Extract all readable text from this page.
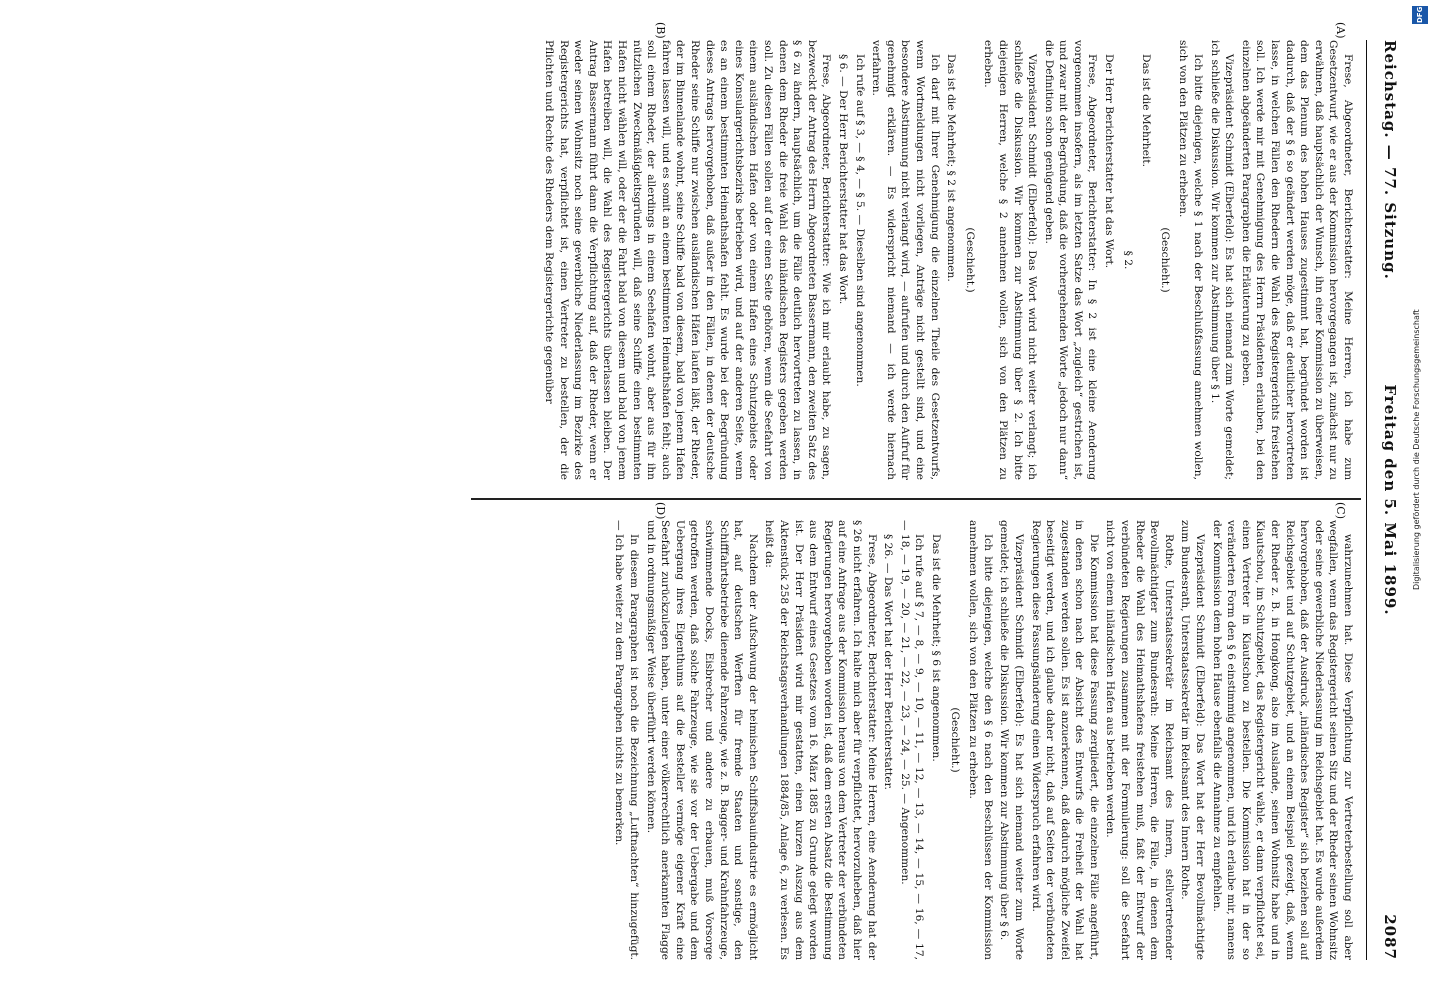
Reichstag. — 77. Sitzung.
Freitag den 5. Mai 1899.
2087

Frese, Abgeordneter, Berichterstatter: Meine Herren, ich habe zum Gesetzentwurf, wie er aus der Kommission hervorgegangen ist, zunächst nur zu erwähnen, daß hauptsächlich der Wunsch, ihn einer Kommission zu überweisen, dem das Plenum des hohen Hauses zugestimmt hat, begründet worden ist dadurch, daß der § 6 so geändert werden möge, daß er deutlicher hervortreten lasse, in welchen Fällen den Rhedern die Wahl des Registergerichts freistehen soll. Ich werde mir mit Genehmigung des Herrn Präsidenten erlauben, bei den einzelnen abgeänderten Paragraphen die Erläuterung zu geben.

Vizepräsident Schmidt (Elberfeld): Es hat sich niemand zum Worte gemeldet; ich schließe die Diskussion. Wir kommen zur Abstimmung über § 1.

Ich bitte diejenigen, welche § 1 nach der Beschlußfassung annehmen wollen, sich von den Plätzen zu erheben.

(Geschieht.)

Das ist die Mehrheit.

§ 2.

Der Herr Berichterstatter hat das Wort.

Frese, Abgeordneter, Berichterstatter: In § 2 ist eine kleine Aenderung vorgenommen insofern, als im letzten Satze das Wort „zugleich“ gestrichen ist, und zwar mit der Begründung, daß die vorhergehenden Worte „jedoch nur dann“ die Definition schon genügend geben.

Vizepräsident Schmidt (Elberfeld): Das Wort wird nicht weiter verlangt; ich schließe die Diskussion. Wir kommen zur Abstimmung über § 2. Ich bitte diejenigen Herren, welche § 2 annehmen wollen, sich von den Plätzen zu erheben.

(Geschieht.)

Das ist die Mehrheit; § 2 ist angenommen.

Ich darf mit Ihrer Genehmigung die einzelnen Theile des Gesetzentwurfs, wenn Wortmeldungen nicht vorliegen, Anträge nicht gestellt sind, und eine besondere Abstimmung nicht verlangt wird, — aufrufen und durch den Aufruf für genehmigt erklären. — Es widerspricht niemand — ich werde hiernach verfahren.

Ich rufe auf § 3, — § 4, — § 5. — Dieselben sind angenommen.

§ 6. — Der Herr Berichterstatter hat das Wort.

Frese, Abgeordneter, Berichterstatter: Wie ich mir erlaubt habe, zu sagen, bezweckt der Antrag des Herrn Abgeordneten Bassermann, den zweiten Satz des § 6 zu ändern, hauptsächlich, um die Fälle deutlich hervortreten zu lassen, in denen dem Rheder die freie Wahl des inländischen Registers gegeben werden soll. Zu diesen Fällen sollen auf der einen Seite gehören, wenn die Seefahrt von einem ausländischen Hafen oder von einem Hafen eines Schutzgebiets oder eines Konsulargerichtsbezirks betrieben wird, und auf der anderen Seite, wenn es an einem bestimmten Heimathshafen fehlt. Es wurde bei der Begründung dieses Antrags hervorgehoben, daß außer in den Fällen, in denen der deutsche Rheder seine Schiffe nur zwischen ausländischen Häfen laufen läßt, der Rheder, der im Binnenlande wohnt, seine Schiffe bald von diesem, bald von jenem Hafen fahren lassen will, und es somit an einem bestimmten Heimathshafen fehlt; auch soll einem Rheder, der allerdings in einem Seehafen wohnt, aber aus für ihn nützlichen Zweckmäßigkeitsgründen will, daß seine Schiffe einen bestimmten Hafen nicht wählen will, oder der die Fahrt bald von diesem und bald von jenem Hafen betreiben will, die Wahl des Registergerichts überlassen bleiben. Der Antrag Bassermann führt dann die Verpflichtung auf, daß der Rheder, wenn er weder seinen Wohnsitz noch seine gewerbliche Niederlassung im Bezirke des Registergerichts hat, verpflichtet ist, einen Vertreter zu bestellen, der die Pflichten und Rechte des Rheders dem Registergerichte gegenüber

wahrzunehmen hat. Diese Verpflichtung zur Vertreterbestellung soll aber wegfallen, wenn das Registergericht seinen Sitz und der Rheder seinen Wohnsitz oder seine gewerbliche Niederlassung im Reichsgebiet hat. Es wurde außerdem hervorgehoben, daß der Ausdruck „inländisches Register“ sich beziehen soll auf Reichsgebiet und auf Schutzgebiet, und an einem Beispiel gezeigt, daß, wenn der Rheder z. B. in Hongkong, also im Auslande, seinen Wohnsitz habe und in Kiautschou, im Schutzgebiet, das Registergericht wähle, er dann verpflichtet sei, einen Vertreter in Kiautschou zu bestellen. Die Kommission hat in der so veränderten Form den § 6 einstimmig angenommen, und ich erlaube mir, namens der Kommission dem hohen Hause ebenfalls die Annahme zu empfehlen.

Vizepräsident Schmidt (Elberfeld): Das Wort hat der Herr Bevollmächtigte zum Bundesrath, Unterstaatssekretär im Reichsamt des Innern Rothe.

Rothe, Unterstaatssekretär im Reichsamt des Innern, stellvertretender Bevollmächtigter zum Bundesrath: Meine Herren, die Fälle, in denen dem Rheder die Wahl des Heimathshafens freistehen muß, faßt der Entwurf der verbündeten Regierungen zusammen mit der Formulierung: soll die Seefahrt nicht von einem inländischen Hafen aus betrieben werden.

Die Kommission hat diese Fassung zergliedert, die einzelnen Fälle angeführt, in denen schon nach der Absicht des Entwurfs die Freiheit der Wahl hat zugestanden werden sollen. Es ist anzuerkennen, daß dadurch mögliche Zweifel beseitigt werden, und ich glaube daher nicht, daß auf Seiten der verbündeten Regierungen diese Fassungsänderung einen Widerspruch erfahren wird.

Vizepräsident Schmidt (Elberfeld): Es hat sich niemand weiter zum Worte gemeldet; ich schließe die Diskussion. Wir kommen zur Abstimmung über § 6.

Ich bitte diejenigen, welche den § 6 nach den Beschlüssen der Kommission annehmen wollen, sich von den Plätzen zu erheben.

(Geschieht.)

Das ist die Mehrheit; § 6 ist angenommen.

Ich rufe auf § 7, — 8, — 9, — 10, — 11, — 12, — 13, — 14, — 15, — 16, — 17, — 18, — 19, — 20, — 21, — 22, — 23, — 24, — 25. — Angenommen.

§ 26. — Das Wort hat der Herr Berichterstatter.

Frese, Abgeordneter, Berichterstatter: Meine Herren, eine Aenderung hat der § 26 nicht erfahren. Ich halte mich aber für verpflichtet, hervorzuheben, daß hier auf eine Anfrage aus der Kommission heraus von dem Vertreter der verbündeten Regierungen hervorgehoben worden ist, daß dem ersten Absatz die Bestimmung aus dem Entwurf eines Gesetzes vom 16. März 1885 zu Grunde gelegt worden ist. Der Herr Präsident wird mir gestatten, einen kurzen Auszug aus dem Aktenstück 258 der Reichstagsverhandlungen 1884/85, Anlage 6, zu verlesen. Es heißt da:

Nachdem der Aufschwung der heimischen Schiffsbauindustrie es ermöglicht hat, auf deutschen Werften für fremde Staaten und sonstige, den Schifffahrtsbetriebe dienende Fahrzeuge, wie z. B. Bagger- und Krahnfahrzeuge, schwimmende Docks, Eisbrecher und andere zu erbauen, muß Vorsorge getroffen werden, daß solche Fahrzeuge, wie sie vor der Uebergabe und dem Uebergang ihres Eigenthums auf die Besteller vermöge eigener Kraft eine Seefahrt zurückzulegen haben, unter einer völkerrechtlich anerkannten Flagge und in ordnungsmäßiger Weise überführt werden können.

In diesem Paragraphen ist noch die Bezeichnung „Luftnachten“ hinzugefügt. — Ich habe weiter zu dem Paragraphen nichts zu bemerken.

(A)
(B)
(C)
(D)
DFG
Digitalisierung gefördert durch die Deutsche Forschungsgemeinschaft
